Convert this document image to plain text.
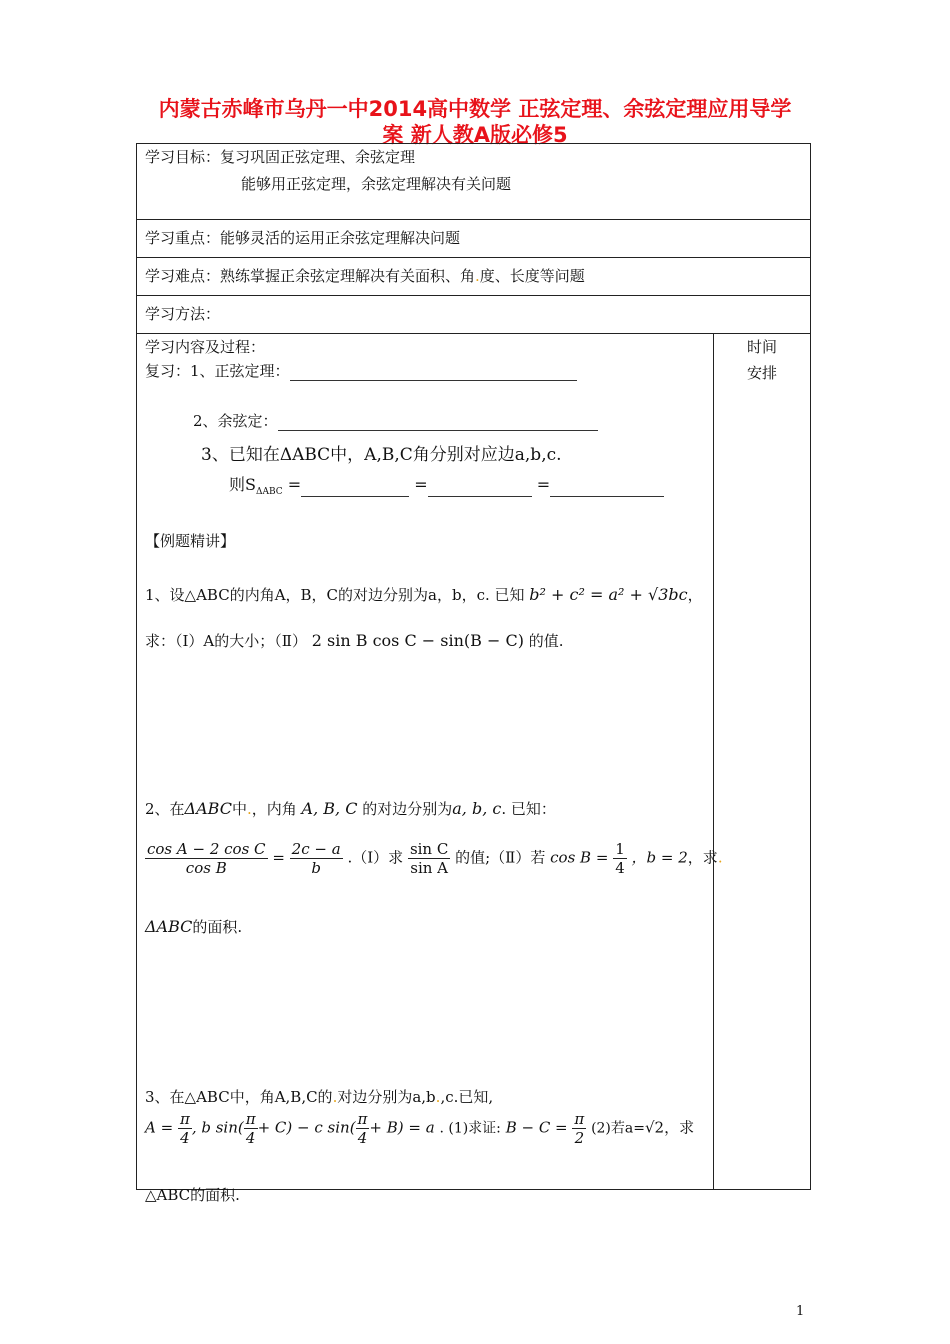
内蒙古赤峰市乌丹一中2014高中数学 正弦定理、余弦定理应用导学
案 新人教A版必修5
学习目标：复习巩固正弦定理、余弦定理
能够用正弦定理，余弦定理解决有关问题

学习重点：能够灵活的运用正余弦定理解决问题
学习难点：熟练掌握正余弦定理解决有关面积、角.度、长度等问题
学习方法：

学习内容及过程：
复习：1、正弦定理：
2、余弦定：
3、已知在ΔABC中，A,B,C角分别对应边a,b,c.
则$S_{\Delta ABC}$ =	=	=
【例题精讲】
1、设△ABC的内角A，B，C的对边分别为a，b，c. 已知 b² + c² = a² + √3bc，
求：（Ⅰ）A的大小；（Ⅱ） 2 sin B cos C − sin(B − C) 的值.
2、在ΔABC中.，内角 A, B, C 的对边分别为a, b, c. 已知：
$\frac{\text{cos A − 2 cos C}}{\text{cos B}} = \frac{2c - a}{b}$ .（Ⅰ）求 $\frac{\text{sin C}}{\text{sin A}}$ 的值;（Ⅱ）若 $\cos B = \frac{1}{4}$ ，b = 2，求.
ΔABC的面积.
3、在△ABC中，角A,B,C的.对边分别为a,b.,c.已知,
$A = \frac{\pi}{4}$ , b $\sin( \frac{\pi}{4} + C) - c$ $\sin( \frac{\pi}{4} + B) = a$ . (1)求证: $B - C = \frac{\pi}{2} (2)$若a=√2，求
△ABC的面积.

时间
安排
1
